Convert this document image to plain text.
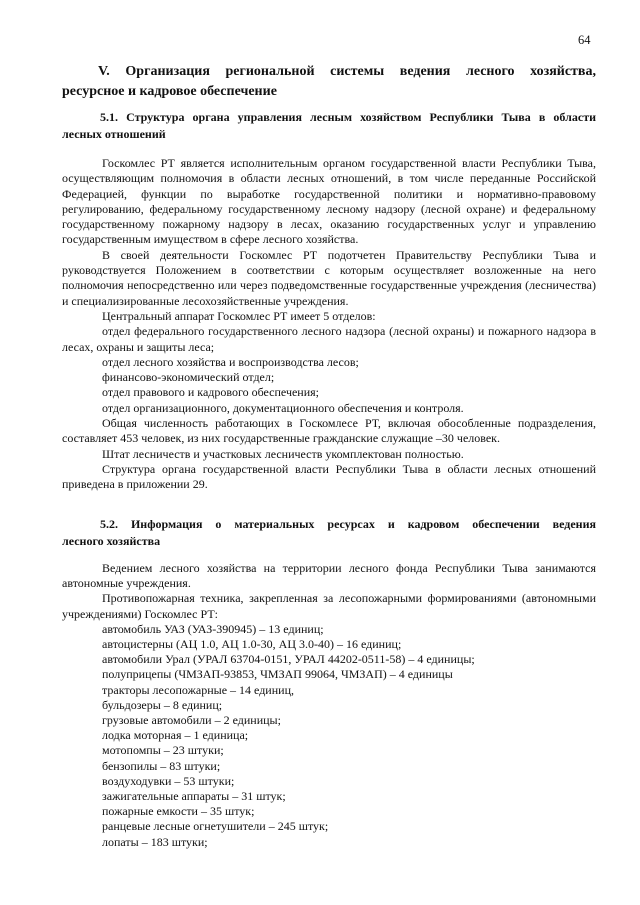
64
V. Организация региональной системы ведения лесного хозяйства,
ресурсное и кадровое обеспечение
5.1. Структура органа управления лесным хозяйством Республики Тыва в области
лесных отношений

Госкомлес РТ является исполнительным органом государственной власти Республики Тыва, осуществляющим полномочия в области лесных отношений, в том числе переданные Российской Федерацией, функции по выработке государственной политики и нормативно-правовому регулированию, федеральному государственному лесному надзору (лесной охране) и федеральному государственному пожарному надзору в лесах, оказанию государственных услуг и управлению государственным имуществом в сфере лесного хозяйства.

В своей деятельности Госкомлес РТ подотчетен Правительству Республики Тыва и руководствуется Положением в соответствии с которым осуществляет возложенные на него полномочия непосредственно или через подведомственные государственные учреждения (лесничества) и специализированные лесохозяйственные учреждения.

Центральный аппарат Госкомлес РТ имеет 5 отделов:

отдел федерального государственного лесного надзора (лесной охраны) и пожарного надзора в лесах, охраны и защиты леса;

отдел лесного хозяйства и воспроизводства лесов;

финансово-экономический отдел;

отдел правового и кадрового обеспечения;

отдел организационного, документационного обеспечения и контроля.

Общая численность работающих в Госкомлесе РТ, включая обособленные подразделения, составляет 453 человек, из них государственные гражданские служащие –30 человек.

Штат лесничеств и участковых лесничеств укомплектован полностью.

Структура органа государственной власти Республики Тыва в области лесных отношений приведена в приложении 29.

5.2. Информация о материальных ресурсах и кадровом обеспечении ведения
лесного хозяйства

Ведением лесного хозяйства на территории лесного фонда Республики Тыва занимаются автономные учреждения.

Противопожарная техника, закрепленная за лесопожарными формированиями (автономными учреждениями) Госкомлес РТ:

автомобиль УАЗ (УАЗ-390945) – 13 единиц;

автоцистерны (АЦ 1.0, АЦ 1.0-30, АЦ 3.0-40) – 16 единиц;

автомобили Урал (УРАЛ 63704-0151, УРАЛ 44202-0511-58) – 4 единицы;

полуприцепы (ЧМЗАП-93853, ЧМЗАП 99064, ЧМЗАП) – 4 единицы

тракторы лесопожарные – 14 единиц,

бульдозеры – 8 единиц;

грузовые автомобили – 2 единицы;

лодка моторная – 1 единица;

мотопомпы – 23 штуки;

бензопилы – 83 штуки;

воздуходувки – 53 штуки;

зажигательные аппараты – 31 штук;

пожарные емкости – 35 штук;

ранцевые лесные огнетушители – 245 штук;

лопаты – 183 штуки;
